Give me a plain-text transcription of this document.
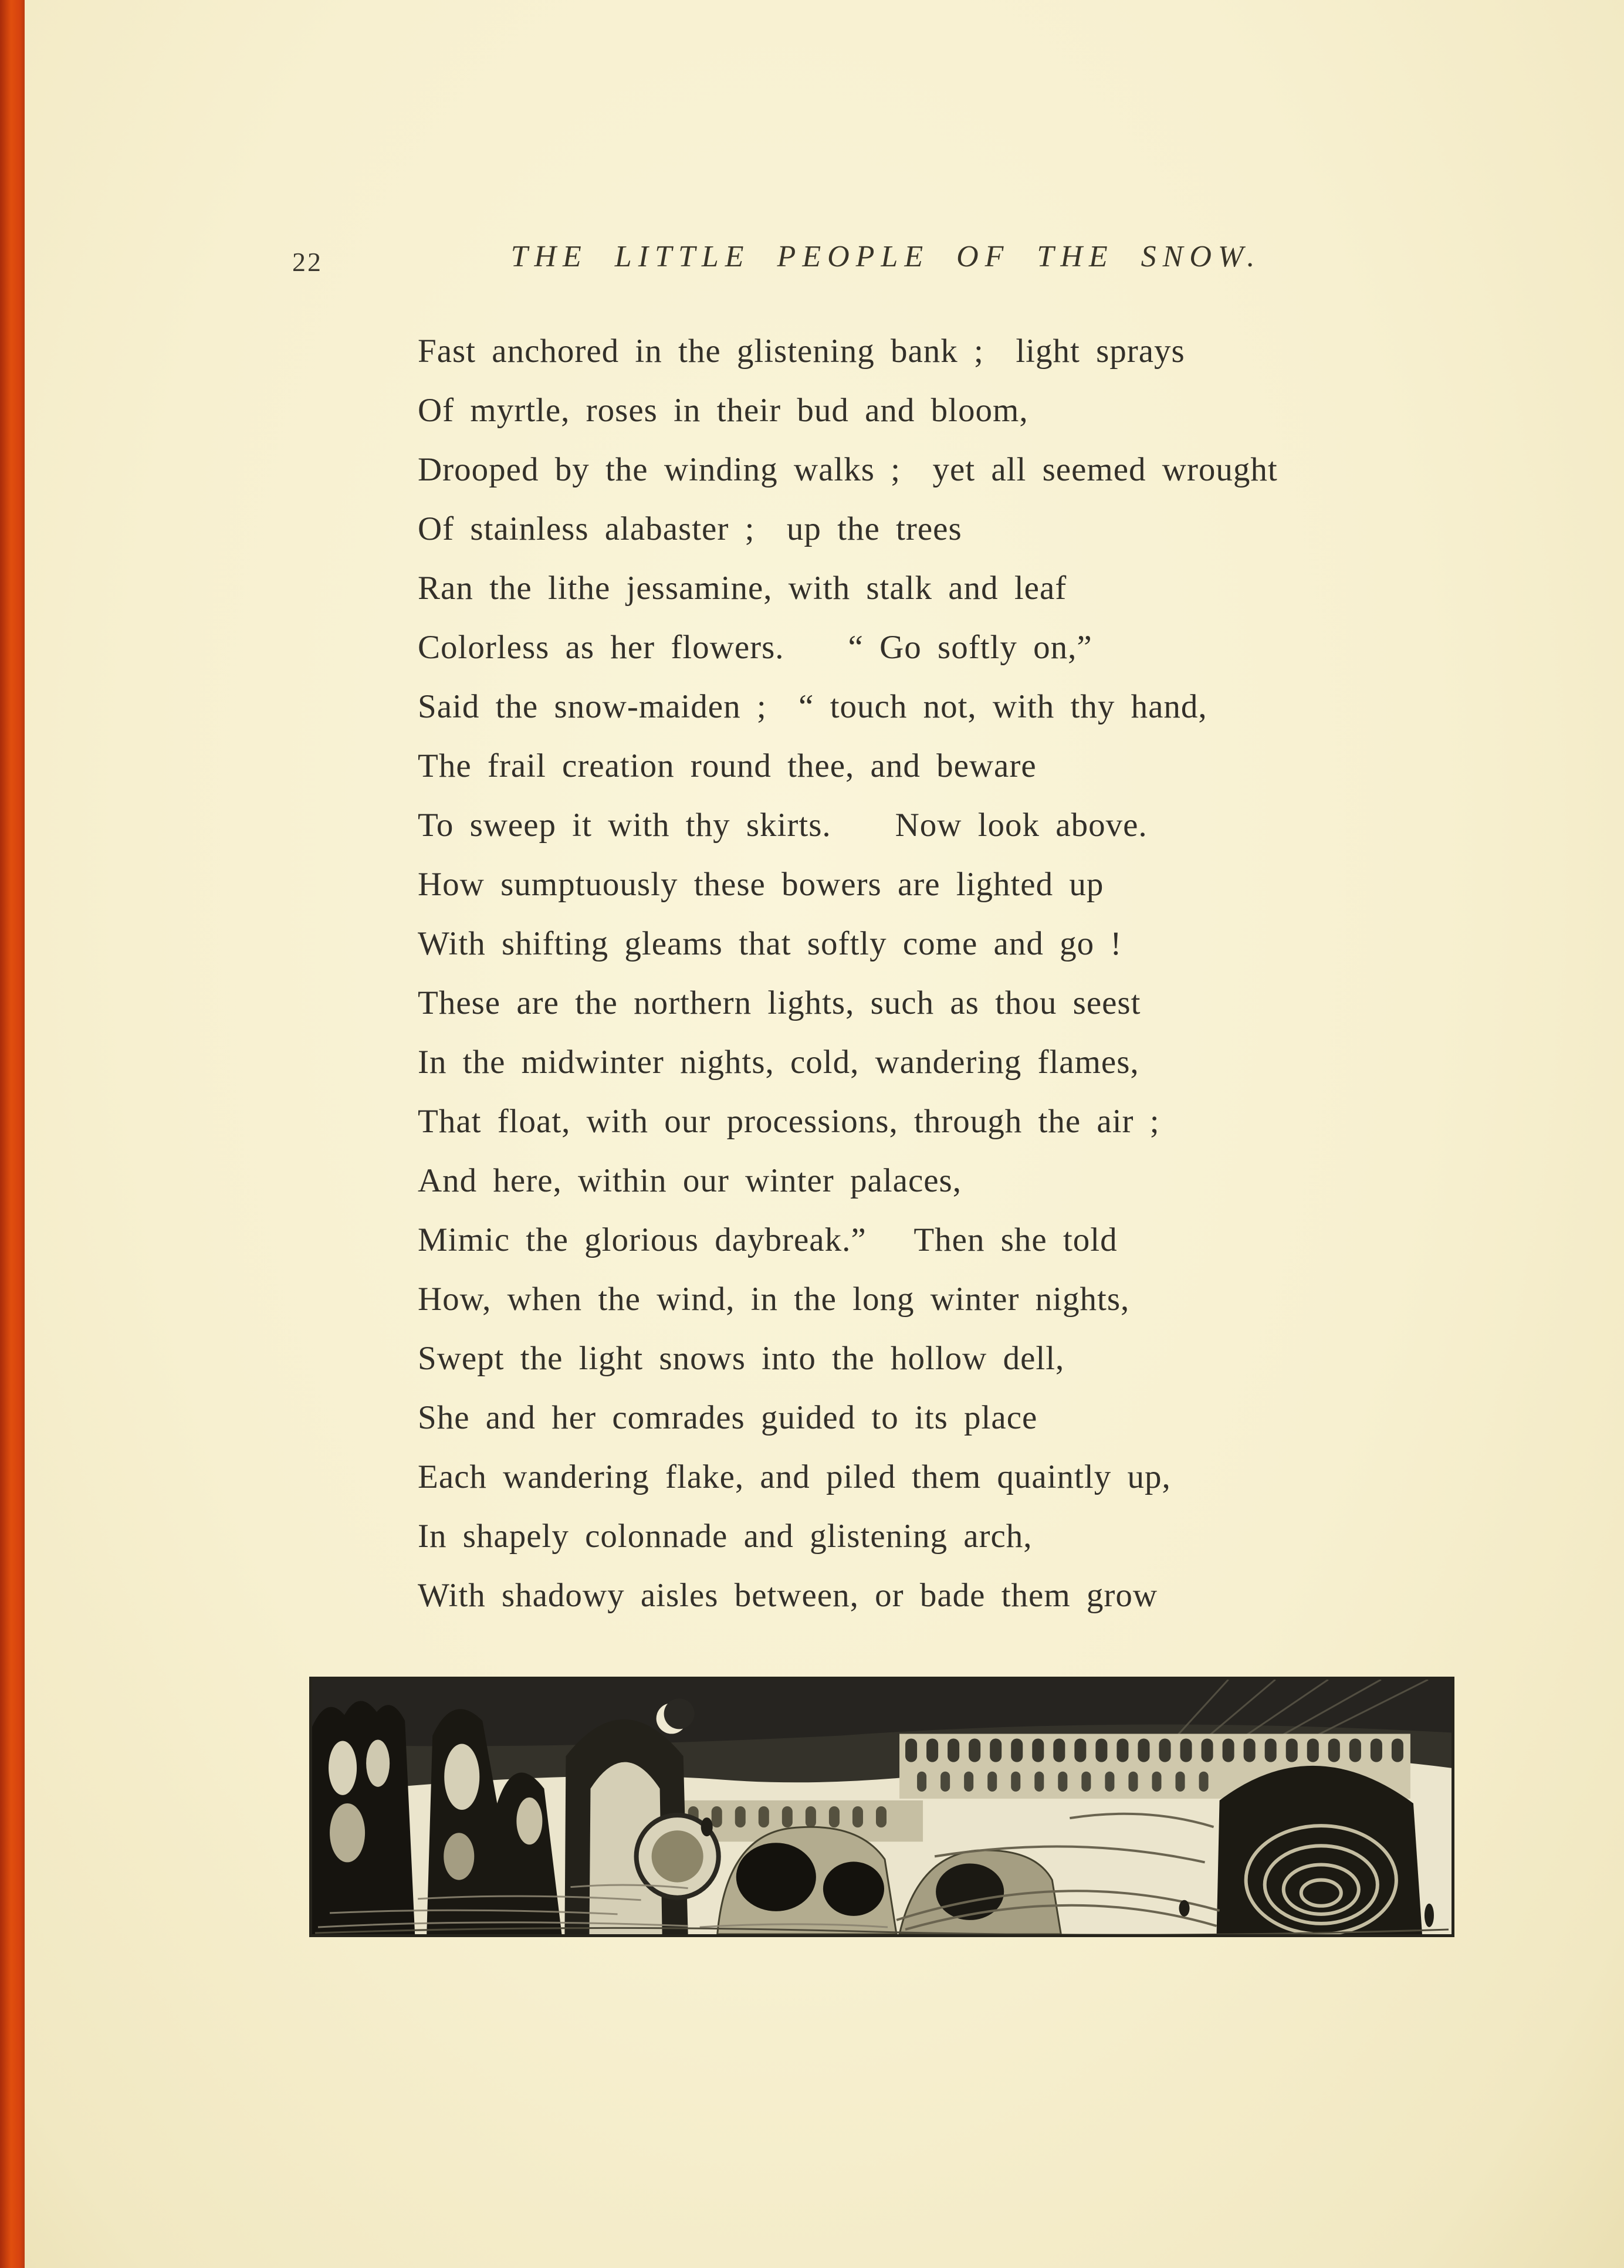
22	THE LITTLE PEOPLE OF THE SNOW.
Fast anchored in the glistening bank ;  light sprays
Of myrtle, roses in their bud and bloom,
Drooped by the winding walks ;  yet all seemed wrought
Of stainless alabaster ;  up the trees
Ran the lithe jessamine, with stalk and leaf
Colorless as her flowers.    “ Go softly on,”
Said the snow-maiden ;  “ touch not, with thy hand,
The frail creation round thee, and beware
To sweep it with thy skirts.    Now look above.
How sumptuously these bowers are lighted up
With shifting gleams that softly come and go !
These are the northern lights, such as thou seest
In the midwinter nights, cold, wandering flames,
That float, with our processions, through the air ;
And here, within our winter palaces,
Mimic the glorious daybreak.”   Then she told
How, when the wind, in the long winter nights,
Swept the light snows into the hollow dell,
She and her comrades guided to its place
Each wandering flake, and piled them quaintly up,
In shapely colonnade and glistening arch,
With shadowy aisles between, or bade them grow
